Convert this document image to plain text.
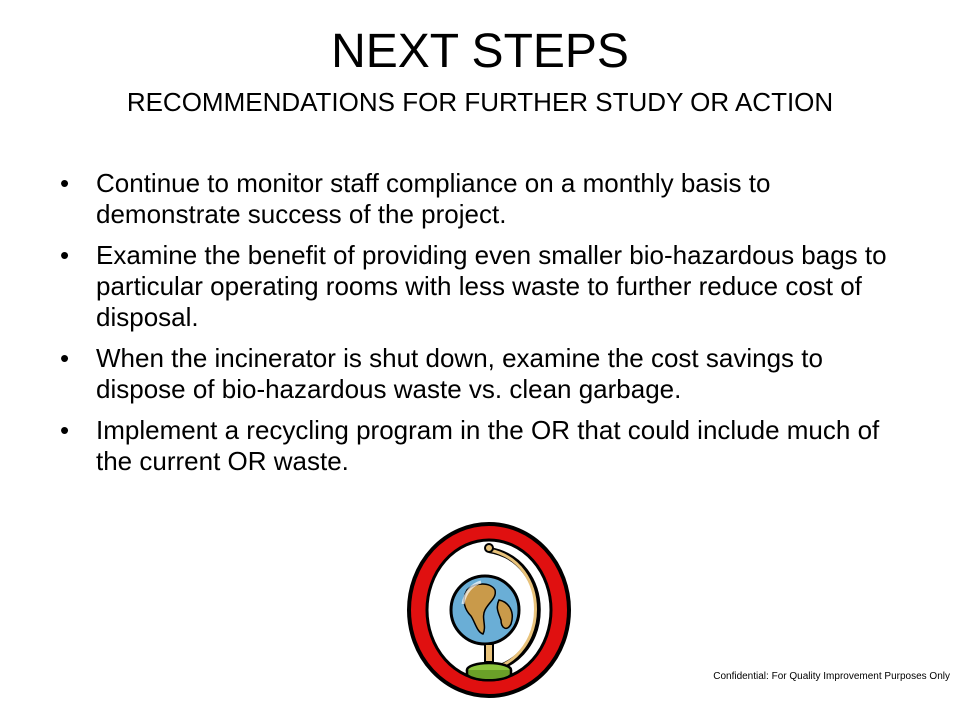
NEXT STEPS
RECOMMENDATIONS FOR FURTHER STUDY OR ACTION
• Continue to monitor staff compliance on a monthly basis to demonstrate success of the project.
• Examine the benefit of providing even smaller bio-hazardous bags to particular operating rooms with less waste to further reduce cost of disposal.
• When the incinerator is shut down, examine the cost savings to dispose of bio-hazardous waste vs. clean garbage.
• Implement a recycling program in the OR that could include much of the current OR waste.
Confidential: For Quality Improvement Purposes Only
